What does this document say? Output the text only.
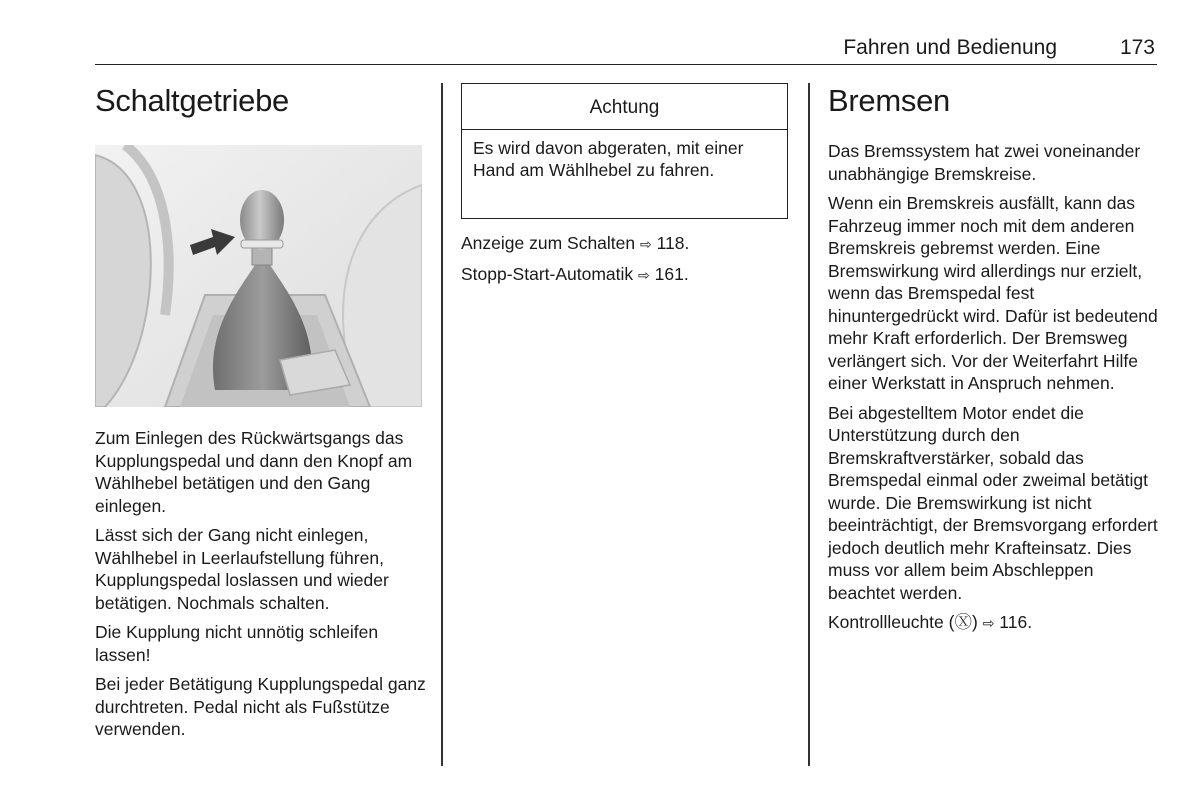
Fahren und Bedienung	173
Schaltgetriebe

Zum Einlegen des Rückwärtsgangs das Kupplungspedal und dann den Knopf am Wählhebel betätigen und den Gang einlegen.

Lässt sich der Gang nicht einlegen, Wählhebel in Leerlaufstellung führen, Kupplungspedal loslassen und wieder betätigen. Nochmals schalten.

Die Kupplung nicht unnötig schleifen lassen!

Bei jeder Betätigung Kupplungspedal ganz durchtreten. Pedal nicht als Fußstütze verwenden.

Achtung
Es wird davon abgeraten, mit einer Hand am Wählhebel zu fahren.

Anzeige zum Schalten ⇨ 118.

Stopp-Start-Automatik ⇨ 161.

Bremsen

Das Bremssystem hat zwei voneinander unabhängige Bremskreise.

Wenn ein Bremskreis ausfällt, kann das Fahrzeug immer noch mit dem anderen Bremskreis gebremst werden. Eine Bremswirkung wird allerdings nur erzielt, wenn das Bremspedal fest hinuntergedrückt wird. Dafür ist bedeutend mehr Kraft erforderlich. Der Bremsweg verlängert sich. Vor der Weiterfahrt Hilfe einer Werkstatt in Anspruch nehmen.

Bei abgestelltem Motor endet die Unterstützung durch den Bremskraftverstärker, sobald das Bremspedal einmal oder zweimal betätigt wurde. Die Bremswirkung ist nicht beeinträchtigt, der Bremsvorgang erfordert jedoch deutlich mehr Krafteinsatz. Dies muss vor allem beim Abschleppen beachtet werden.

Kontrollleuchte (Ⓧ) ⇨ 116.
